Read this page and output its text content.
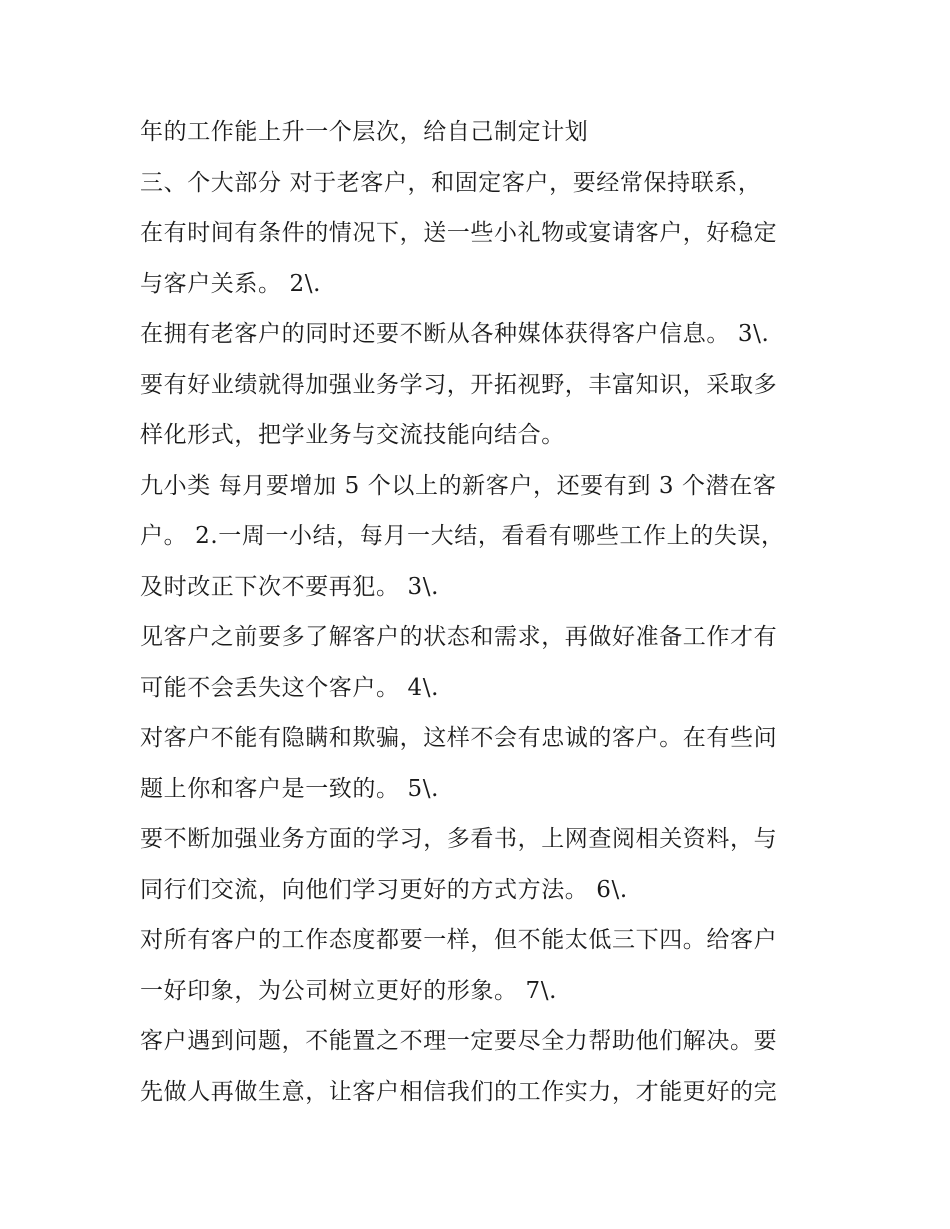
年的工作能上升一个层次，给自己制定计划
三、个大部分 对于老客户，和固定客户，要经常保持联系，
在有时间有条件的情况下，送一些小礼物或宴请客户，好稳定
与客户关系。 2\.
在拥有老客户的同时还要不断从各种媒体获得客户信息。 3\.
要有好业绩就得加强业务学习，开拓视野，丰富知识，采取多
样化形式，把学业务与交流技能向结合。
九小类 每月要增加 5 个以上的新客户，还要有到 3 个潜在客
户。 2.一周一小结，每月一大结，看看有哪些工作上的失误，
及时改正下次不要再犯。 3\.
见客户之前要多了解客户的状态和需求，再做好准备工作才有
可能不会丢失这个客户。 4\.
对客户不能有隐瞒和欺骗，这样不会有忠诚的客户。在有些问
题上你和客户是一致的。 5\.
要不断加强业务方面的学习，多看书，上网查阅相关资料，与
同行们交流，向他们学习更好的方式方法。 6\.
对所有客户的工作态度都要一样，但不能太低三下四。给客户
一好印象，为公司树立更好的形象。 7\.
客户遇到问题，不能置之不理一定要尽全力帮助他们解决。要
先做人再做生意，让客户相信我们的工作实力，才能更好的完
